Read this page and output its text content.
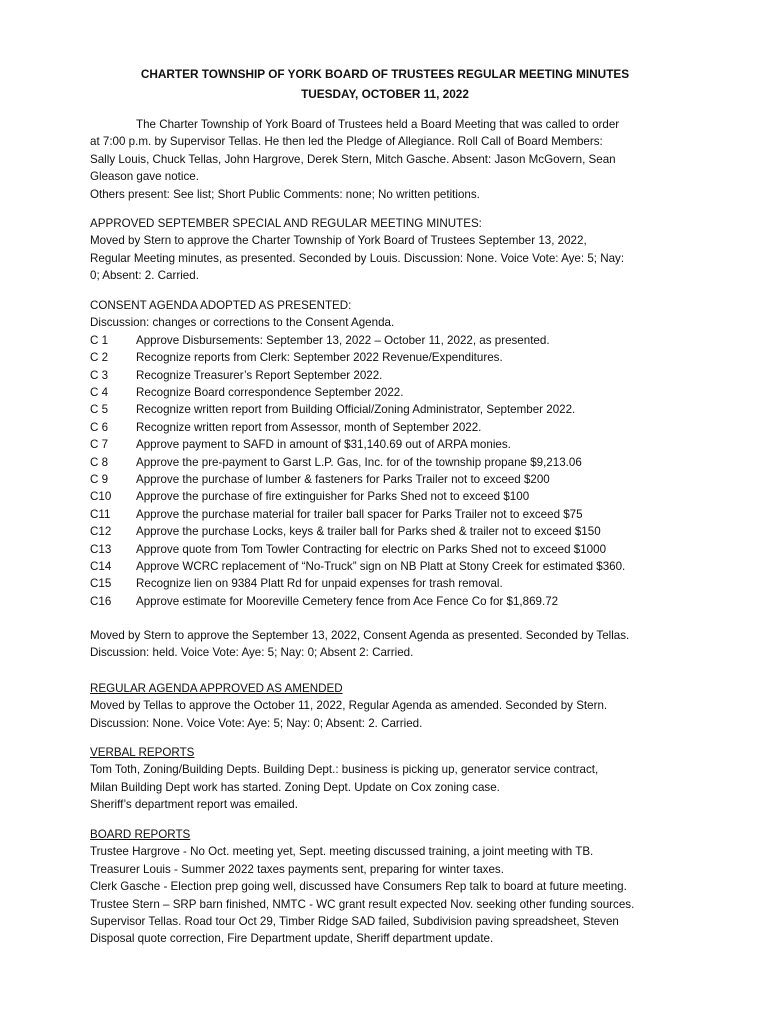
CHARTER TOWNSHIP OF YORK BOARD OF TRUSTEES REGULAR MEETING MINUTES
TUESDAY, OCTOBER 11, 2022
The Charter Township of York Board of Trustees held a Board Meeting that was called to order
at 7:00 p.m. by Supervisor Tellas. He then led the Pledge of Allegiance. Roll Call of Board Members:
Sally Louis, Chuck Tellas, John Hargrove, Derek Stern, Mitch Gasche. Absent: Jason McGovern, Sean
Gleason gave notice.
Others present: See list; Short Public Comments: none; No written petitions.
APPROVED SEPTEMBER SPECIAL AND REGULAR MEETING MINUTES:
Moved by Stern to approve the Charter Township of York Board of Trustees September 13, 2022,
Regular Meeting minutes, as presented. Seconded by Louis. Discussion: None. Voice Vote: Aye: 5; Nay:
0; Absent: 2. Carried.
CONSENT AGENDA ADOPTED AS PRESENTED:
Discussion: changes or corrections to the Consent Agenda.
C 1 Approve Disbursements: September 13, 2022 – October 11, 2022, as presented.
C 2 Recognize reports from Clerk: September 2022 Revenue/Expenditures.
C 3 Recognize Treasurer’s Report September 2022.
C 4 Recognize Board correspondence September 2022.
C 5 Recognize written report from Building Official/Zoning Administrator, September 2022.
C 6 Recognize written report from Assessor, month of September 2022.
C 7 Approve payment to SAFD in amount of $31,140.69 out of ARPA monies.
C 8 Approve the pre-payment to Garst L.P. Gas, Inc. for of the township propane $9,213.06
C 9 Approve the purchase of lumber & fasteners for Parks Trailer not to exceed $200
C10 Approve the purchase of fire extinguisher for Parks Shed not to exceed $100
C11 Approve the purchase material for trailer ball spacer for Parks Trailer not to exceed $75
C12 Approve the purchase Locks, keys & trailer ball for Parks shed & trailer not to exceed $150
C13 Approve quote from Tom Towler Contracting for electric on Parks Shed not to exceed $1000
C14 Approve WCRC replacement of “No-Truck” sign on NB Platt at Stony Creek for estimated $360.
C15 Recognize lien on 9384 Platt Rd for unpaid expenses for trash removal.
C16 Approve estimate for Mooreville Cemetery fence from Ace Fence Co for $1,869.72
Moved by Stern to approve the September 13, 2022, Consent Agenda as presented. Seconded by Tellas.
Discussion: held. Voice Vote: Aye: 5; Nay: 0; Absent 2: Carried.
REGULAR AGENDA APPROVED AS AMENDED
Moved by Tellas to approve the October 11, 2022, Regular Agenda as amended. Seconded by Stern.
Discussion: None. Voice Vote: Aye: 5; Nay: 0; Absent: 2. Carried.
VERBAL REPORTS
Tom Toth, Zoning/Building Depts. Building Dept.: business is picking up, generator service contract,
Milan Building Dept work has started. Zoning Dept. Update on Cox zoning case.
Sheriff’s department report was emailed.
BOARD REPORTS
Trustee Hargrove - No Oct. meeting yet, Sept. meeting discussed training, a joint meeting with TB.
Treasurer Louis - Summer 2022 taxes payments sent, preparing for winter taxes.
Clerk Gasche - Election prep going well, discussed have Consumers Rep talk to board at future meeting.
Trustee Stern – SRP barn finished, NMTC - WC grant result expected Nov. seeking other funding sources.
Supervisor Tellas. Road tour Oct 29, Timber Ridge SAD failed, Subdivision paving spreadsheet, Steven
Disposal quote correction, Fire Department update, Sheriff department update.
